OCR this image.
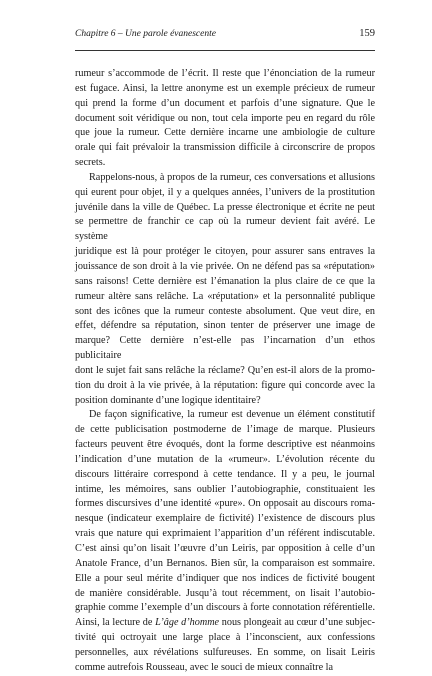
Chapitre 6 – Une parole évanescente	159

rumeur s’accommode de l’écrit. Il reste que l’énonciation de la rumeur
est fugace. Ainsi, la lettre anonyme est un exemple précieux de rumeur
qui prend la forme d’un document et parfois d’une signature. Que le
document soit véridique ou non, tout cela importe peu en regard du rôle
que joue la rumeur. Cette dernière incarne une ambiologie de culture
orale qui fait prévaloir la transmission difficile à circonscrire de propos
secrets.

Rappelons-nous, à propos de la rumeur, ces conversations et allusions
qui eurent pour objet, il y a quelques années, l’univers de la prostitution
juvénile dans la ville de Québec. La presse électronique et écrite ne peut
se permettre de franchir ce cap où la rumeur devient fait avéré. Le système
juridique est là pour protéger le citoyen, pour assurer sans entraves la
jouissance de son droit à la vie privée. On ne défend pas sa «réputation»
sans raisons! Cette dernière est l’émanation la plus claire de ce que la
rumeur altère sans relâche. La «réputation» et la personnalité publique
sont des icônes que la rumeur conteste absolument. Que veut dire, en
effet, défendre sa réputation, sinon tenter de préserver une image de
marque? Cette dernière n’est-elle pas l’incarnation d’un ethos publicitaire
dont le sujet fait sans relâche la réclame? Qu’en est-il alors de la promo-
tion du droit à la vie privée, à la réputation: figure qui concorde avec la
position dominante d’une logique identitaire?

De façon significative, la rumeur est devenue un élément constitutif
de cette publicisation postmoderne de l’image de marque. Plusieurs
facteurs peuvent être évoqués, dont la forme descriptive est néanmoins
l’indication d’une mutation de la «rumeur». L’évolution récente du
discours littéraire correspond à cette tendance. Il y a peu, le journal
intime, les mémoires, sans oublier l’autobiographie, constituaient les
formes discursives d’une identité «pure». On opposait au discours roma-
nesque (indicateur exemplaire de fictivité) l’existence de discours plus
vrais que nature qui exprimaient l’apparition d’un référent indiscutable.
C’est ainsi qu’on lisait l’œuvre d’un Leiris, par opposition à celle d’un
Anatole France, d’un Bernanos. Bien sûr, la comparaison est sommaire.
Elle a pour seul mérite d’indiquer que nos indices de fictivité bougent
de manière considérable. Jusqu’à tout récemment, on lisait l’autobio-
graphie comme l’exemple d’un discours à forte connotation référentielle.
Ainsi, la lecture de L’âge d’homme nous plongeait au cœur d’une subjec-
tivité qui octroyait une large place à l’inconscient, aux confessions
personnelles, aux révélations sulfureuses. En somme, on lisait Leiris
comme autrefois Rousseau, avec le souci de mieux connaître la
